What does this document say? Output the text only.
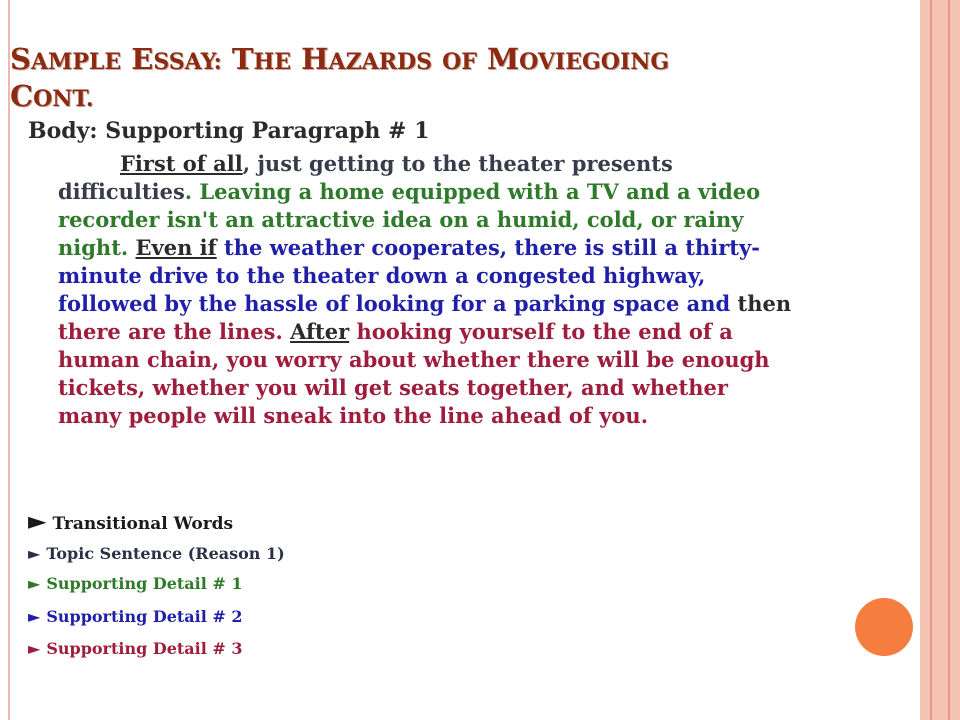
SAMPLE ESSAY: THE HAZARDS OF MOVIEGOING
CONT.
Body: Supporting Paragraph # 1
First of all, just getting to the theater presents difficulties. Leaving a home equipped with a TV and a video recorder isn't an attractive idea on a humid, cold, or rainy night. Even if the weather cooperates, there is still a thirty-minute drive to the theater down a congested highway, followed by the hassle of looking for a parking space and then there are the lines. After hooking yourself to the end of a human chain, you worry about whether there will be enough tickets, whether you will get seats together, and whether many people will sneak into the line ahead of you.
► Transitional Words
► Topic Sentence (Reason 1)
► Supporting Detail # 1
► Supporting Detail # 2
► Supporting Detail # 3
